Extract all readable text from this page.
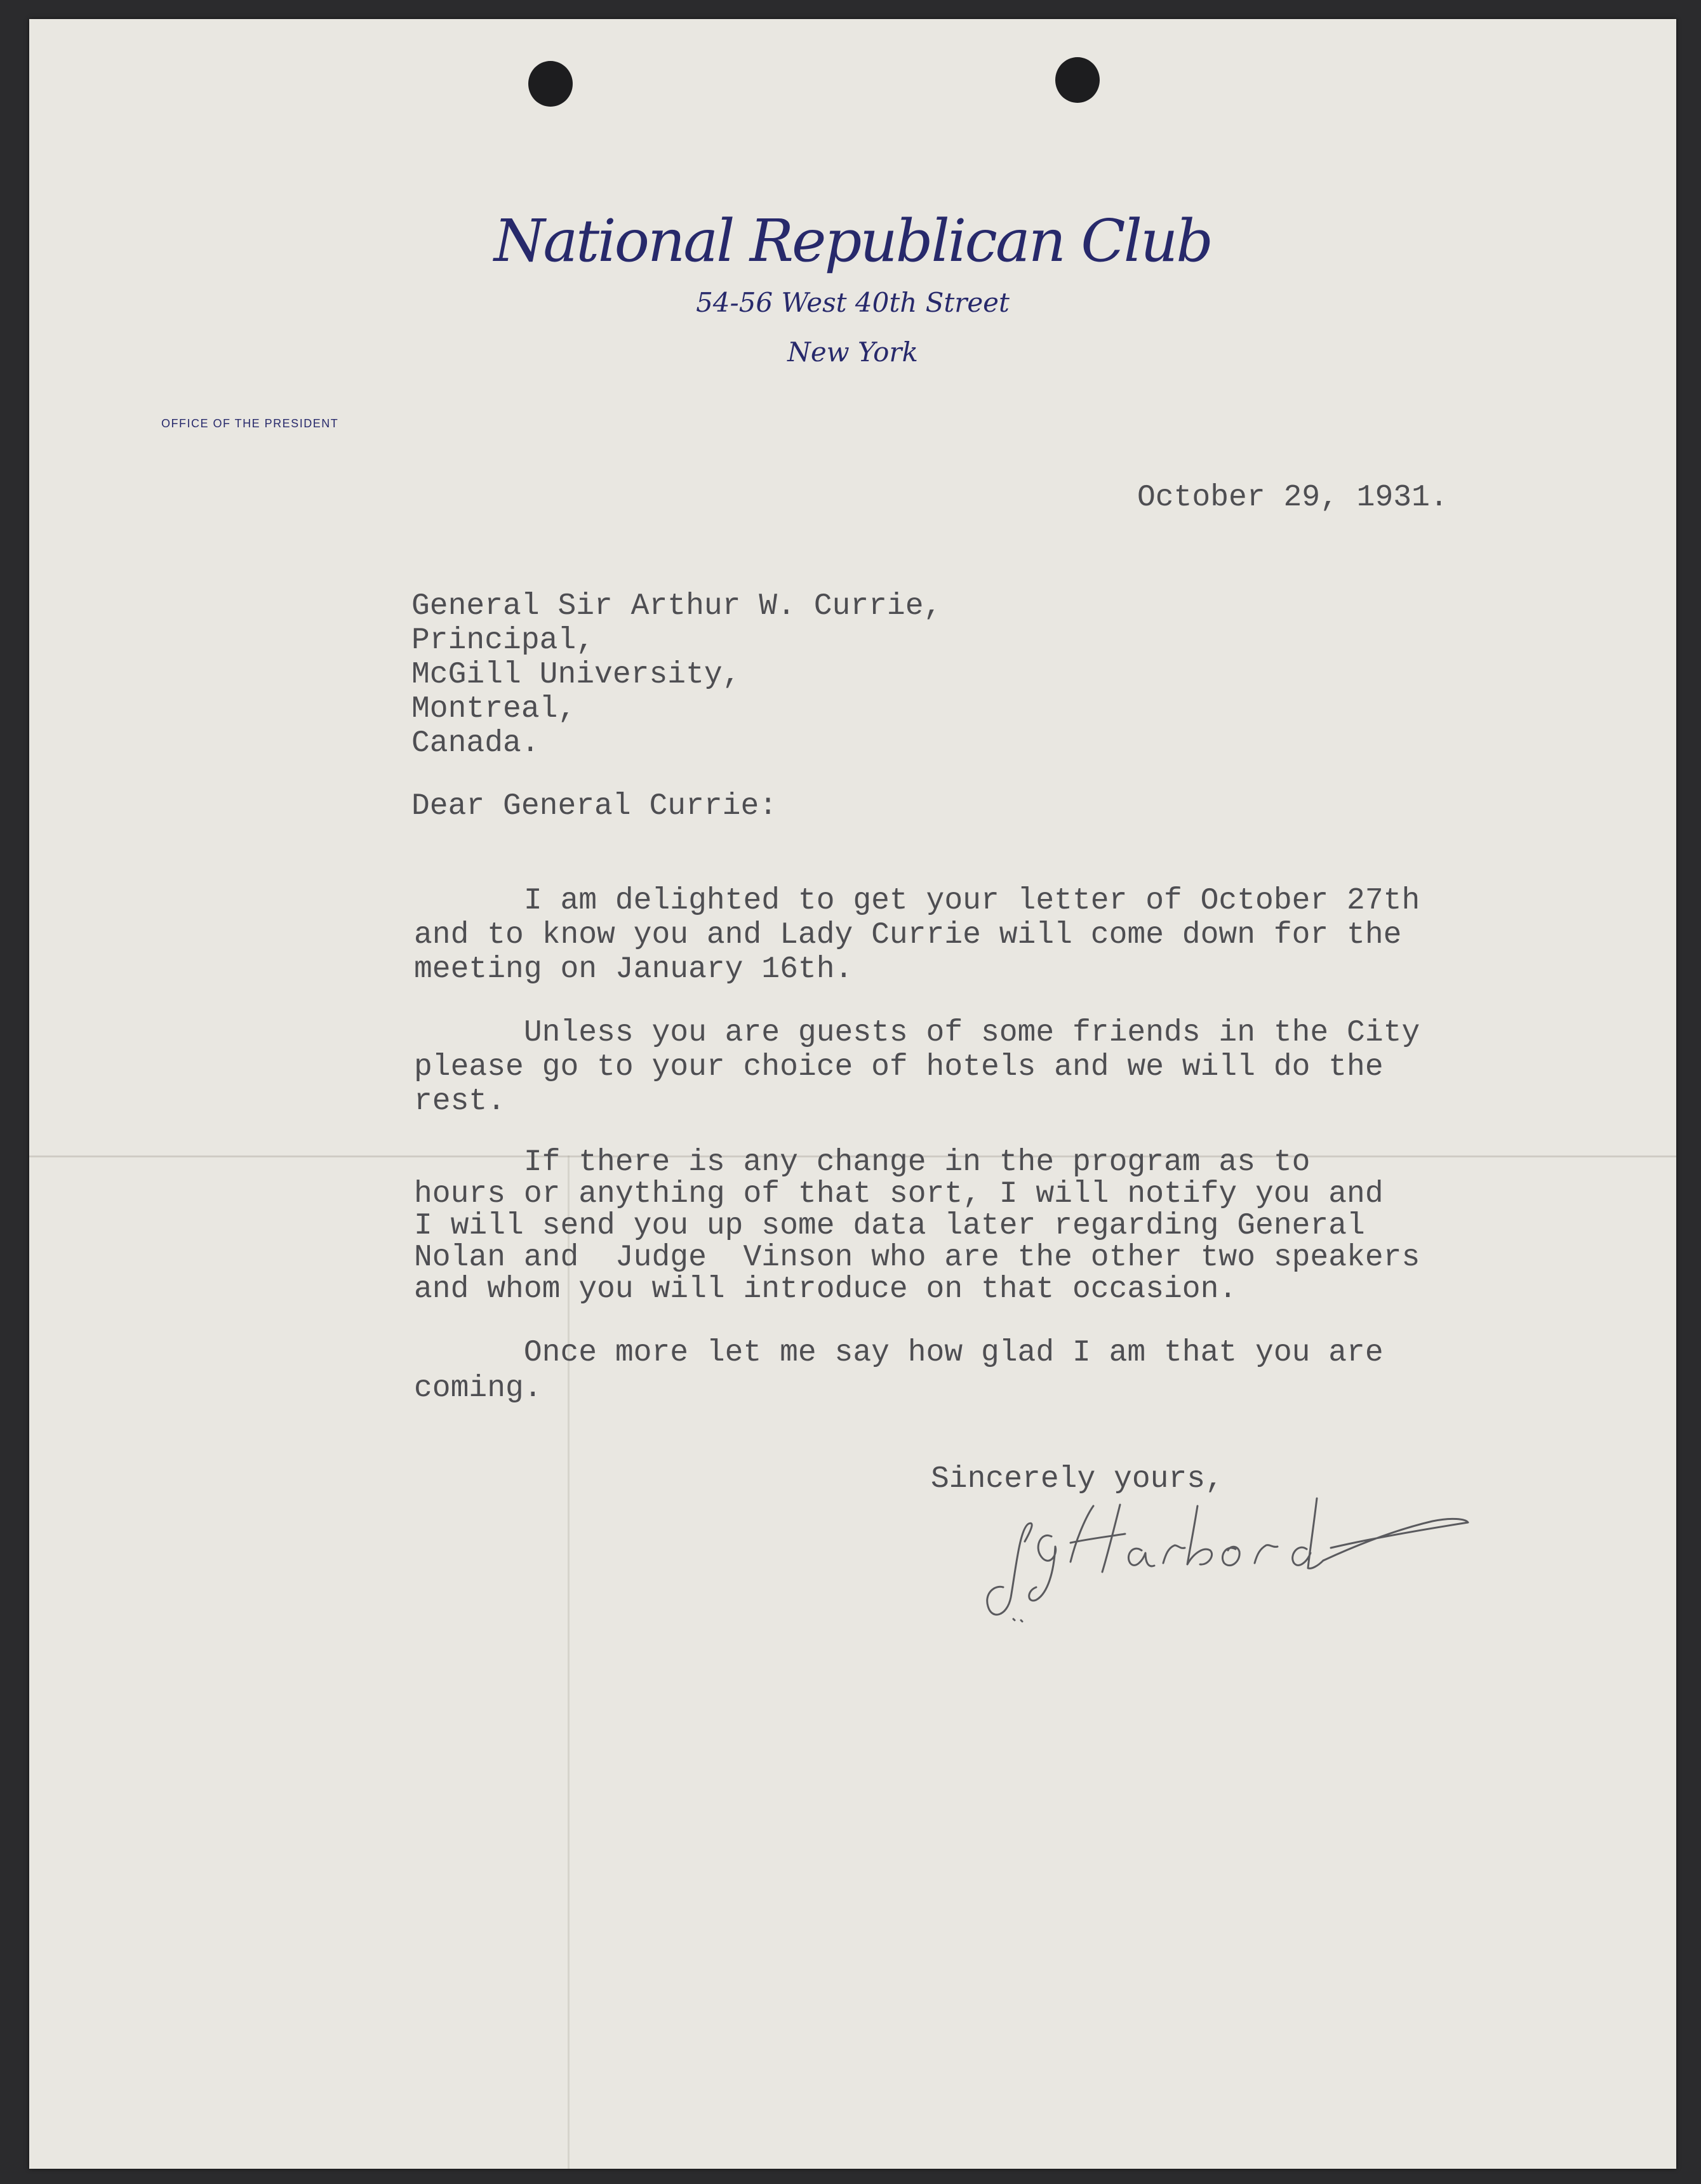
National Republican Club
54-56 West 40th Street
New York
OFFICE OF THE PRESIDENT
October 29, 1931.
General Sir Arthur W. Currie,
Principal,
McGill University,
Montreal,
Canada.
Dear General Currie:
I am delighted to get your letter of October 27th
and to know you and Lady Currie will come down for the
meeting on January 16th.
Unless you are guests of some friends in the City
please go to your choice of hotels and we will do the
rest.
If there is any change in the program as to
hours or anything of that sort, I will notify you and
I will send you up some data later regarding General
Nolan and  Judge  Vinson who are the other two speakers
and whom you will introduce on that occasion.
Once more let me say how glad I am that you are
coming.
Sincerely yours,
